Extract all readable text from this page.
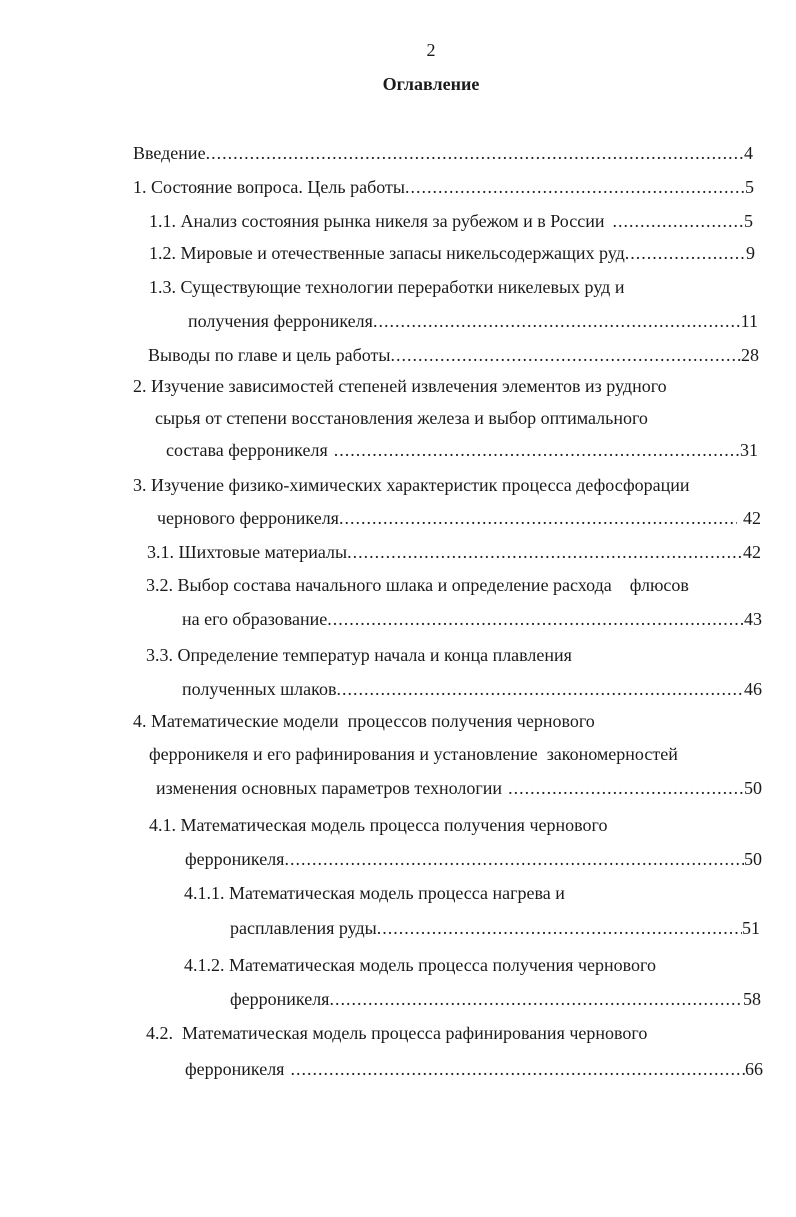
2
Оглавление
Введение .....	4
1. Состояние вопроса. Цель работы .....	5
1.1. Анализ состояния рынка никеля за рубежом и в России .....	5
1.2. Мировые и отечественные запасы никельсодержащих руд .....	9
1.3. Существующие технологии переработки никелевых руд и
получения ферроникеля .....	11
Выводы по главе и цель работы .....	28
2. Изучение зависимостей степеней извлечения элементов из рудного
сырья от степени восстановления железа и выбор оптимального
состава ферроникеля .....	31
3. Изучение физико-химических характеристик процесса дефосфорации
чернового ферроникеля .....	42
3.1. Шихтовые материалы .....	42
3.2. Выбор состава начального шлака и определение расхода    флюсов
на его образование .....	43
3.3. Определение температур начала и конца плавления
полученных шлаков .....	46
4. Математические модели  процессов получения чернового
ферроникеля и его рафинирования и установление  закономерностей
изменения основных параметров технологии .....	50
4.1. Математическая модель процесса получения чернового
ферроникеля .....	50
4.1.1. Математическая модель процесса нагрева и
расплавления руды .....	51
4.1.2. Математическая модель процесса получения чернового
ферроникеля .....	58
4.2.  Математическая модель процесса рафинирования чернового
ферроникеля .....	66
